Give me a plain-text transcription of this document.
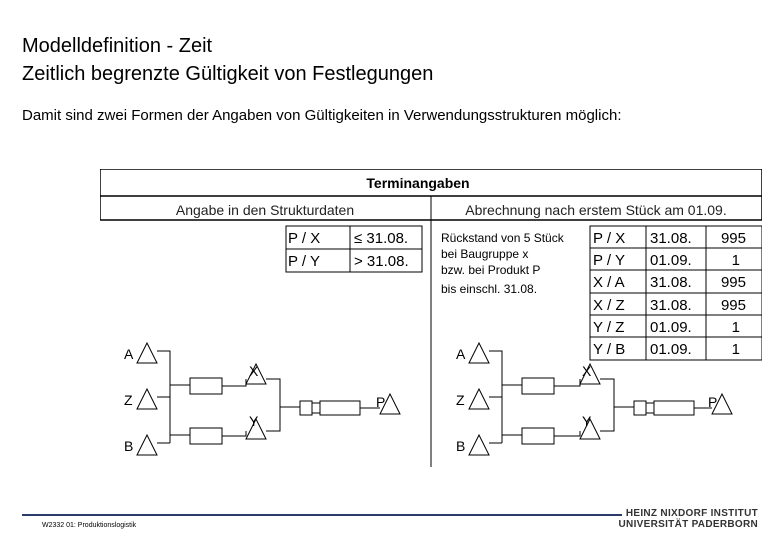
Modelldefinition - Zeit
Zeitlich begrenzte Gültigkeit von Festlegungen
Damit sind zwei Formen der Angaben von Gültigkeiten in Verwendungsstrukturen möglich:
Terminangaben
Angabe in den Strukturdaten	Abrechnung nach erstem Stück am 01.09.
P / X ≤ 31.08.
P / Y > 31.08.
Rückstand von 5 Stück
bei Baugruppe x
bzw. bei Produkt P
bis einschl. 31.08.
P / X 31.08. 995
P / Y 01.09.	1
X / A 31.08. 995
X / Z 31.08. 995
Y / Z 01.09.	1
Y / B 01.09.	1
A
Z
B
X
Y
P
A
Z
B
X
Y
P
W2332 01: Produktionslogistik
HEINZ NIXDORF INSTITUT
UNIVERSITÄT PADERBORN
